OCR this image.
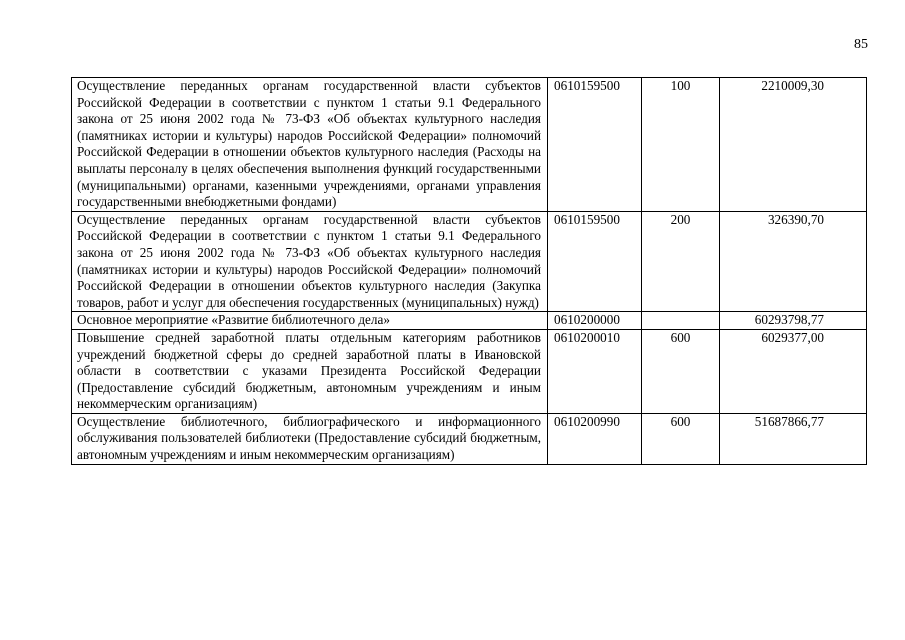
85
Осуществление переданных органам государственной власти субъектов Российской Федерации в соответствии с пунктом 1 статьи 9.1 Федерального закона от 25 июня 2002 года № 73-ФЗ «Об объектах культурного наследия (памятниках истории и культуры) народов Российской Федерации» полномочий Российской Федерации в отношении объектов культурного наследия (Расходы на выплаты персоналу в целях обеспечения выполнения функций государственными (муниципальными) органами, казенными учреждениями, органами управления государственными внебюджетными фондами)	0610159500	100	2210009,30
Осуществление переданных органам государственной власти субъектов Российской Федерации в соответствии с пунктом 1 статьи 9.1 Федерального закона от 25 июня 2002 года № 73-ФЗ «Об объектах культурного наследия (памятниках истории и культуры) народов Российской Федерации» полномочий Российской Федерации в отношении объектов культурного наследия (Закупка товаров, работ и услуг для обеспечения государственных (муниципальных) нужд)	0610159500	200	326390,70
Основное мероприятие «Развитие библиотечного дела»	0610200000		60293798,77
Повышение средней заработной платы отдельным категориям работников учреждений бюджетной сферы до средней заработной платы в Ивановской области в соответствии с указами Президента Российской Федерации (Предоставление субсидий бюджетным, автономным учреждениям и иным некоммерческим организациям)	0610200010	600	6029377,00
Осуществление библиотечного, библиографического и информационного обслуживания пользователей библиотеки (Предоставление субсидий бюджетным, автономным учреждениям и иным некоммерческим организациям)	0610200990	600	51687866,77
